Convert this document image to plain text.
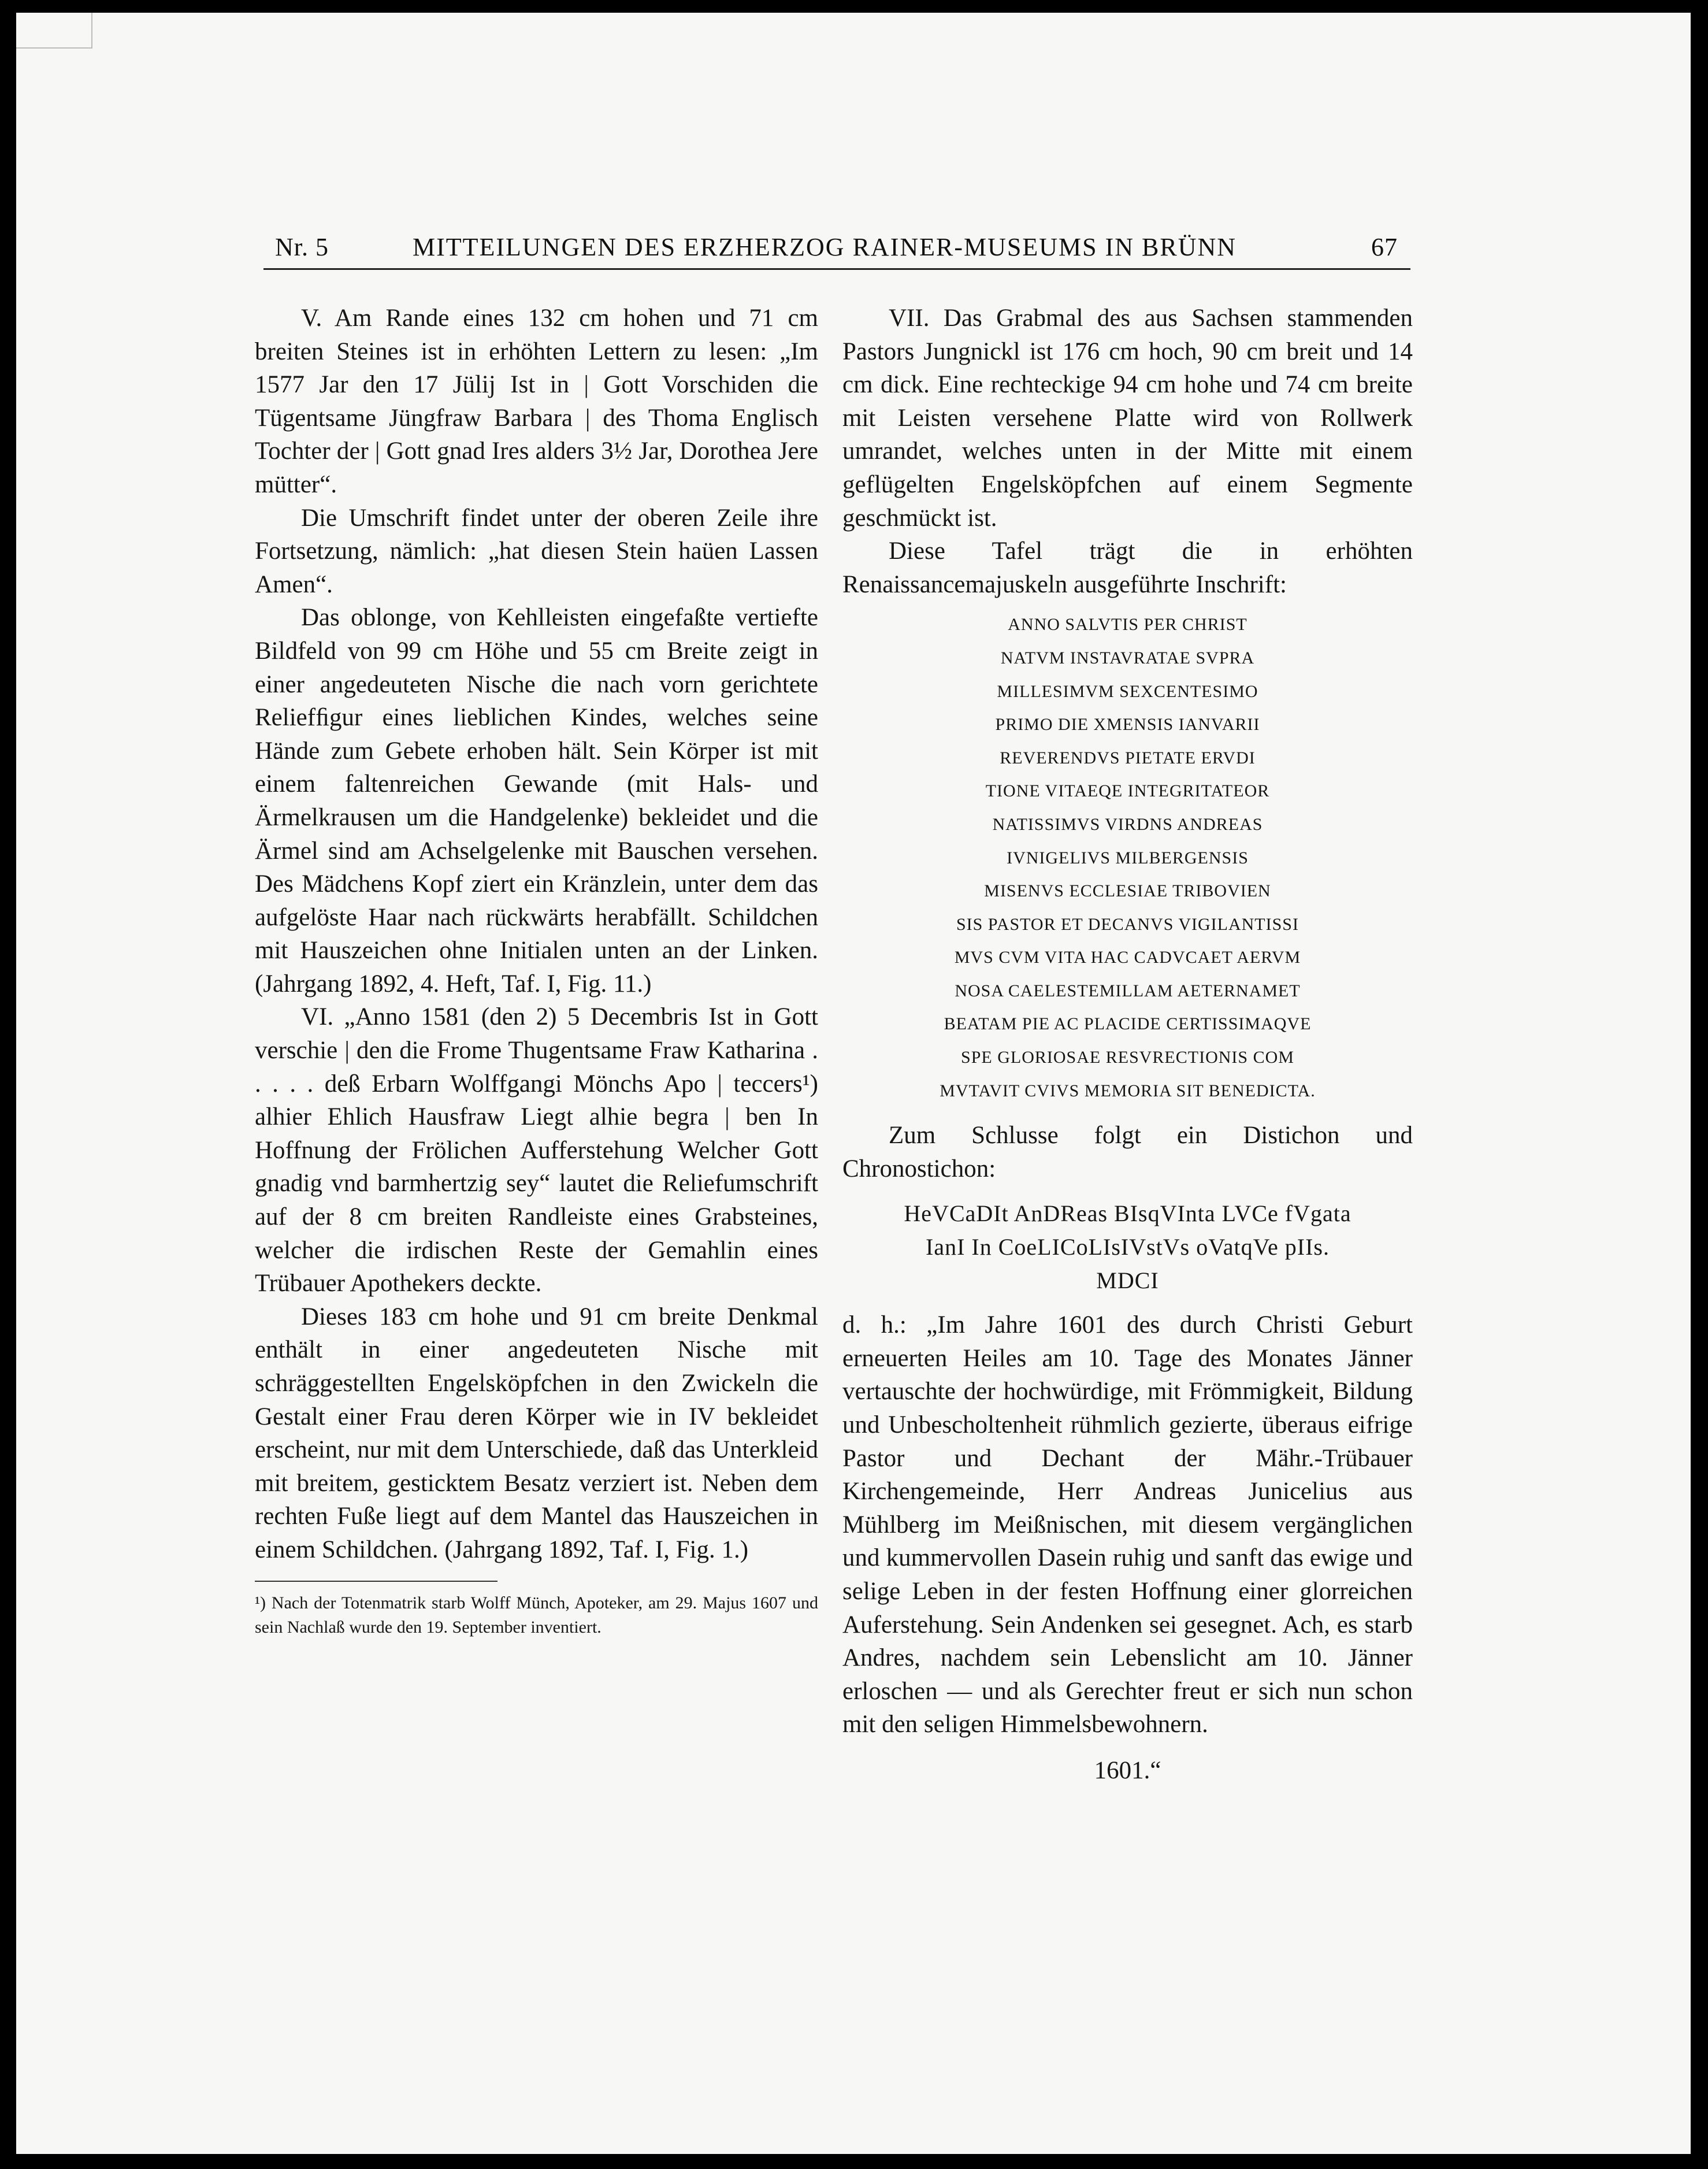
Nr. 5	MITTEILUNGEN DES ERZHERZOG RAINER-MUSEUMS IN BRÜNN	67

V. Am Rande eines 132 cm hohen und 71 cm breiten Steines ist in erhöhten Lettern zu lesen: „Im 1577 Jar den 17 Jülij Ist in | Gott Vorschiden die Tügentsame Jüngfraw Barbara | des Thoma Englisch Tochter der | Gott gnad Ires alders 3½ Jar, Dorothea Jere mütter“.

Die Umschrift findet unter der oberen Zeile ihre Fortsetzung, nämlich: „hat diesen Stein haüen Lassen Amen“.

Das oblonge, von Kehlleisten eingefaßte vertiefte Bildfeld von 99 cm Höhe und 55 cm Breite zeigt in einer angedeuteten Nische die nach vorn gerichtete Reliefﬁgur eines lieblichen Kindes, welches seine Hände zum Gebete erhoben hält. Sein Körper ist mit einem faltenreichen Gewande (mit Hals- und Ärmelkrausen um die Handgelenke) bekleidet und die Ärmel sind am Achselgelenke mit Bauschen versehen. Des Mädchens Kopf ziert ein Kränzlein, unter dem das aufgelöste Haar nach rückwärts herabfällt. Schildchen mit Hauszeichen ohne Initialen unten an der Linken. (Jahrgang 1892, 4. Heft, Taf. I, Fig. 11.)

VI. „Anno 1581 (den 2) 5 Decembris Ist in Gott verschie | den die Frome Thugentsame Fraw Katharina . . . . . deß Erbarn Wolffgangi Mönchs Apo | teccers¹) alhier Ehlich Hausfraw Liegt alhie begra | ben In Hoffnung der Frölichen Aufferstehung Welcher Gott gnadig vnd barmhertzig sey“ lautet die Reliefumschrift auf der 8 cm breiten Randleiste eines Grabsteines, welcher die irdischen Reste der Gemahlin eines Trübauer Apothekers deckte.

Dieses 183 cm hohe und 91 cm breite Denkmal enthält in einer angedeuteten Nische mit schräggestellten Engelsköpfchen in den Zwickeln die Gestalt einer Frau deren Körper wie in IV bekleidet erscheint, nur mit dem Unterschiede, daß das Unterkleid mit breitem, gesticktem Besatz verziert ist. Neben dem rechten Fuße liegt auf dem Mantel das Hauszeichen in einem Schildchen. (Jahrgang 1892, Taf. I, Fig. 1.)

¹) Nach der Totenmatrik starb Wolff Münch, Apoteker, am 29. Majus 1607 und sein Nachlaß wurde den 19. September inventiert.

VII. Das Grabmal des aus Sachsen stammenden Pastors Jungnickl ist 176 cm hoch, 90 cm breit und 14 cm dick. Eine rechteckige 94 cm hohe und 74 cm breite mit Leisten versehene Platte wird von Rollwerk umrandet, welches unten in der Mitte mit einem geflügelten Engelsköpfchen auf einem Segmente geschmückt ist.

Diese Tafel trägt die in erhöhten Renaissancemajuskeln ausgeführte Inschrift:

ANNO SALVTIS PER CHRIST
NATVM INSTAVRATAE SVPRA
MILLESIMVM SEXCENTESIMO
PRIMO DIE XMENSIS IANVARII
REVERENDVS PIETATE ERVDI
TIONE VITAEQE INTEGRITATEOR
NATISSIMVS VIRDNS ANDREAS
IVNIGELIVS MILBERGENSIS
MISENVS ECCLESIAE TRIBOVIEN
SIS PASTOR ET DECANVS VIGILANTISSI
MVS CVM VITA HAC CADVCAET AERVM
NOSA CAELESTEMILLAM AETERNAMET
BEATAM PIE AC PLACIDE CERTISSIMAQVE
SPE GLORIOSAE RESVRECTIONIS COM
MVTAVIT CVIVS MEMORIA SIT BENEDICTA.

Zum Schlusse folgt ein Distichon und Chronostichon:

HeVCaDIt AnDReas BIsqVInta LVCe fVgata
IanI In CoeLICoLIsIVstVs oVatqVe pIIs.
MDCI

d. h.: „Im Jahre 1601 des durch Christi Geburt erneuerten Heiles am 10. Tage des Monates Jänner vertauschte der hochwürdige, mit Frömmigkeit, Bildung und Unbescholtenheit rühmlich gezierte, überaus eifrige Pastor und Dechant der Mähr.-Trübauer Kirchengemeinde, Herr Andreas Junicelius aus Mühlberg im Meißnischen, mit diesem vergänglichen und kummervollen Dasein ruhig und sanft das ewige und selige Leben in der festen Hoffnung einer glorreichen Auferstehung. Sein Andenken sei gesegnet. Ach, es starb Andres, nachdem sein Lebenslicht am 10. Jänner erloschen — und als Gerechter freut er sich nun schon mit den seligen Himmelsbewohnern.

1601.“
